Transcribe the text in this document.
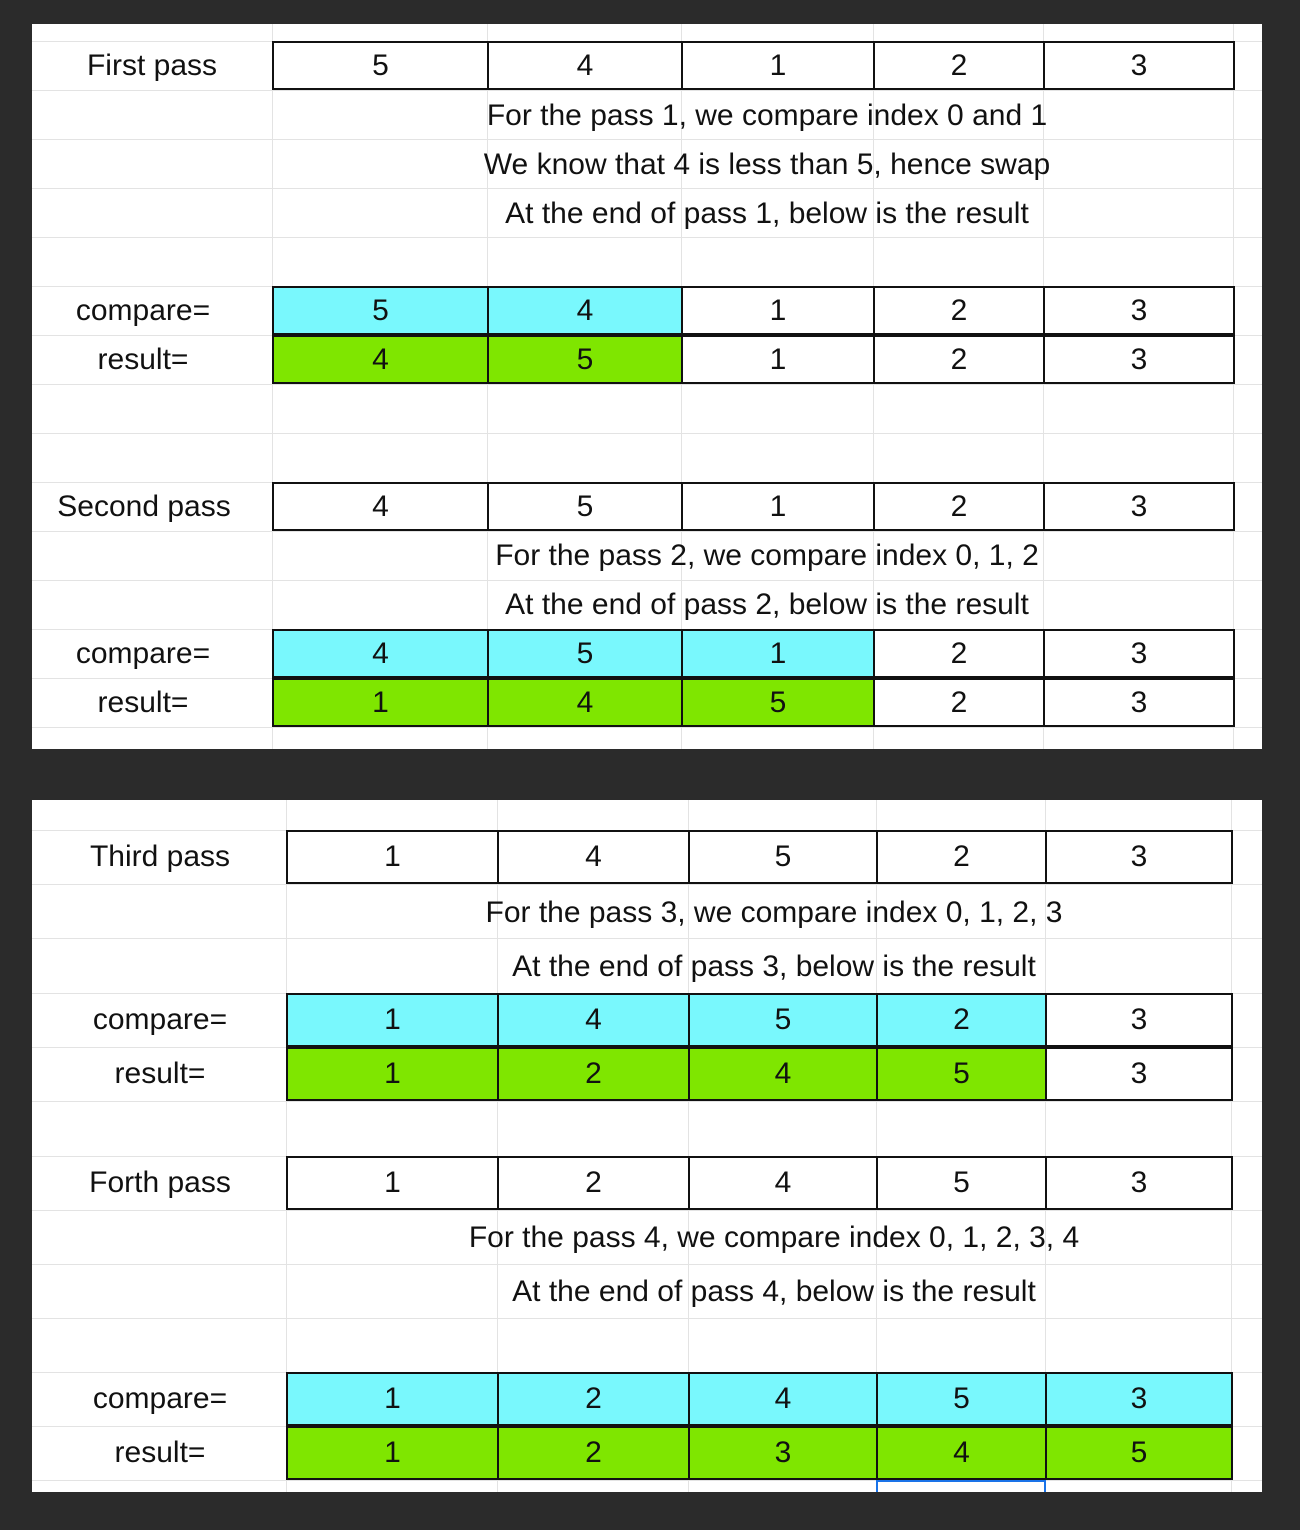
First pass	5	4	1	2	3
For the pass 1, we compare index 0 and 1
We know that 4 is less than 5, hence swap
At the end of pass 1, below is the result
compare=	5	4	1	2	3
result=	4	5	1	2	3
Second pass	4	5	1	2	3
For the pass 2, we compare index 0, 1, 2
At the end of pass 2, below is the result
compare=	4	5	1	2	3
result=	1	4	5	2	3
Third pass	1	4	5	2	3
For the pass 3, we compare index 0, 1, 2, 3
At the end of pass 3, below is the result
compare=	1	4	5	2	3
result=	1	2	4	5	3
Forth pass	1	2	4	5	3
For the pass 4, we compare index 0, 1, 2, 3, 4
At the end of pass 4, below is the result
compare=	1	2	4	5	3
result=	1	2	3	4	5
